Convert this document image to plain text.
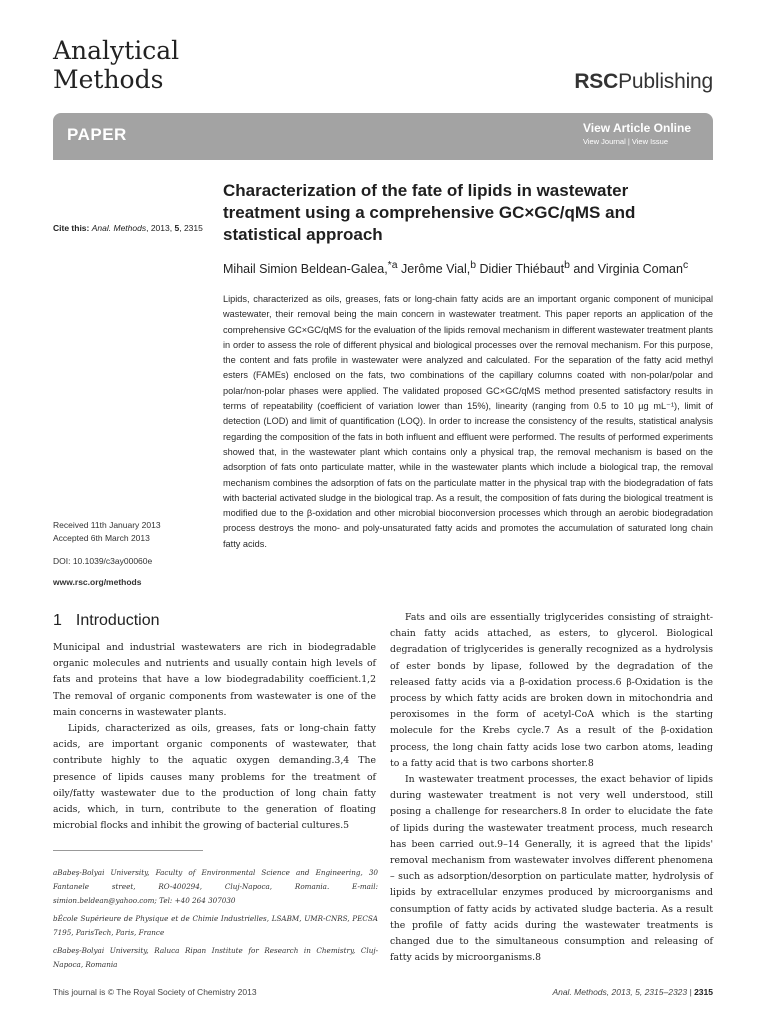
Analytical
Methods	RSCPublishing
PAPER	View Article Online
View Journal | View Issue
Cite this: Anal. Methods, 2013, 5, 2315
Characterization of the fate of lipids in wastewater treatment using a comprehensive GC×GC/qMS and statistical approach
Mihail Simion Beldean-Galea,$^{*a}$ Jerôme Vial,$^b$ Didier Thiébaut$^b$ and Virginia Coman$^c$
Lipids, characterized as oils, greases, fats or long-chain fatty acids are an important organic component of municipal wastewater, their removal being the main concern in wastewater treatment. This paper reports an application of the comprehensive GC×GC/qMS for the evaluation of the lipids removal mechanism in different wastewater treatment plants in order to assess the role of different physical and biological processes over the removal mechanism. For this purpose, the content and fats profile in wastewater were analyzed and calculated. For the separation of the fatty acid methyl esters (FAMEs) enclosed on the fats, two combinations of the capillary columns coated with non-polar/polar and polar/non-polar phases were applied. The validated proposed GC×GC/qMS method presented satisfactory results in terms of repeatability (coefficient of variation lower than 15%), linearity (ranging from 0.5 to 10 µg mL⁻¹), limit of detection (LOD) and limit of quantification (LOQ). In order to increase the consistency of the results, statistical analysis regarding the composition of the fats in both influent and effluent were performed. The results of performed experiments showed that, in the wastewater plant which contains only a physical trap, the removal mechanism is based on the adsorption of fats onto particulate matter, while in the wastewater plants which include a biological trap, the removal mechanism combines the adsorption of fats on the particulate matter in the physical trap with the biodegradation of fats with bacterial activated sludge in the biological trap. As a result, the composition of fats during the biological treatment is modified due to the β-oxidation and other microbial bioconversion processes which through an aerobic biodegradation process destroys the mono- and poly-unsaturated fatty acids and promotes the accumulation of saturated long chain fatty acids.
Received 11th January 2013
Accepted 6th March 2013
DOI: 10.1039/c3ay00060e
www.rsc.org/methods
1 Introduction

Municipal and industrial wastewaters are rich in biodegradable organic molecules and nutrients and usually contain high levels of fats and proteins that have a low biodegradability coefficient.1,2 The removal of organic components from wastewater is one of the main concerns in wastewater plants.

Lipids, characterized as oils, greases, fats or long-chain fatty acids, are important organic components of wastewater, that contribute highly to the aquatic oxygen demanding.3,4 The presence of lipids causes many problems for the treatment of oily/fatty wastewater due to the production of long chain fatty acids, which, in turn, contribute to the generation of floating microbial flocks and inhibit the growing of bacterial cultures.5

Fats and oils are essentially triglycerides consisting of straight-chain fatty acids attached, as esters, to glycerol. Biological degradation of triglycerides is generally recognized as a hydrolysis of ester bonds by lipase, followed by the degradation of the released fatty acids via a β-oxidation process.6 β-Oxidation is the process by which fatty acids are broken down in mitochondria and peroxisomes in the form of acetyl-CoA which is the starting molecule for the Krebs cycle.7 As a result of the β-oxidation process, the long chain fatty acids lose two carbon atoms, leading to a fatty acid that is two carbons shorter.8

In wastewater treatment processes, the exact behavior of lipids during wastewater treatment is not very well understood, still posing a challenge for researchers.8 In order to elucidate the fate of lipids during the wastewater treatment process, much research has been carried out.9–14 Generally, it is agreed that the lipids' removal mechanism from wastewater involves different phenomena – such as adsorption/desorption on particulate matter, hydrolysis of lipids by extracellular enzymes produced by microorganisms and consumption of fatty acids by activated sludge bacteria. As a result the profile of fatty acids during the wastewater treatments is changed due to the simultaneous consumption and releasing of fatty acids by microorganisms.8

aBabeş-Bolyai University, Faculty of Environmental Science and Engineering, 30 Fantanele street, RO-400294, Cluj-Napoca, Romania. E-mail: simion.beldean@yahoo.com; Tel: +40 264 307030

bÉcole Supérieure de Physique et de Chimie Industrielles, LSABM, UMR-CNRS, PECSA 7195, ParisTech, Paris, France

cBabeş-Bolyai University, Raluca Ripan Institute for Research in Chemistry, Cluj-Napoca, Romania

This journal is © The Royal Society of Chemistry 2013	Anal. Methods, 2013, 5, 2315–2323 | 2315
